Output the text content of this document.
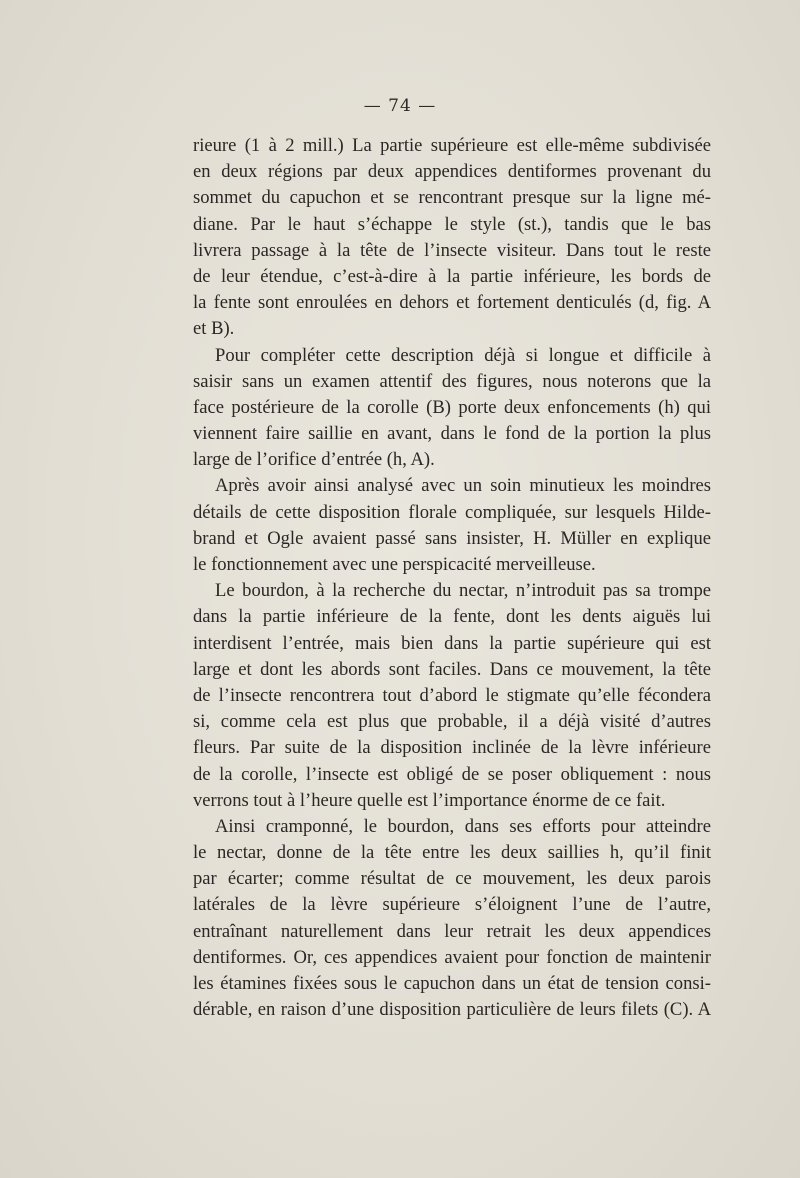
— 74 —
rieure (1 à 2 mill.) La partie supérieure est elle-même subdivisée
en deux régions par deux appendices dentiformes provenant du
sommet du capuchon et se rencontrant presque sur la ligne mé-
diane. Par le haut s’échappe le style (st.), tandis que le bas
livrera passage à la tête de l’insecte visiteur. Dans tout le reste
de leur étendue, c’est-à-dire à la partie inférieure, les bords de
la fente sont enroulées en dehors et fortement denticulés (d, fig. A
et B).
Pour compléter cette description déjà si longue et difficile à
saisir sans un examen attentif des figures, nous noterons que la
face postérieure de la corolle (B) porte deux enfoncements (h) qui
viennent faire saillie en avant, dans le fond de la portion la plus
large de l’orifice d’entrée (h, A).
Après avoir ainsi analysé avec un soin minutieux les moindres
détails de cette disposition florale compliquée, sur lesquels Hilde-
brand et Ogle avaient passé sans insister, H. Müller en explique
le fonctionnement avec une perspicacité merveilleuse.
Le bourdon, à la recherche du nectar, n’introduit pas sa trompe
dans la partie inférieure de la fente, dont les dents aiguës lui
interdisent l’entrée, mais bien dans la partie supérieure qui est
large et dont les abords sont faciles. Dans ce mouvement, la tête
de l’insecte rencontrera tout d’abord le stigmate qu’elle fécondera
si, comme cela est plus que probable, il a déjà visité d’autres
fleurs. Par suite de la disposition inclinée de la lèvre inférieure
de la corolle, l’insecte est obligé de se poser obliquement : nous
verrons tout à l’heure quelle est l’importance énorme de ce fait.
Ainsi cramponné, le bourdon, dans ses efforts pour atteindre
le nectar, donne de la tête entre les deux saillies h, qu’il finit
par écarter; comme résultat de ce mouvement, les deux parois
latérales de la lèvre supérieure s’éloignent l’une de l’autre,
entraînant naturellement dans leur retrait les deux appendices
dentiformes. Or, ces appendices avaient pour fonction de maintenir
les étamines fixées sous le capuchon dans un état de tension consi-
dérable, en raison d’une disposition particulière de leurs filets (C). A
